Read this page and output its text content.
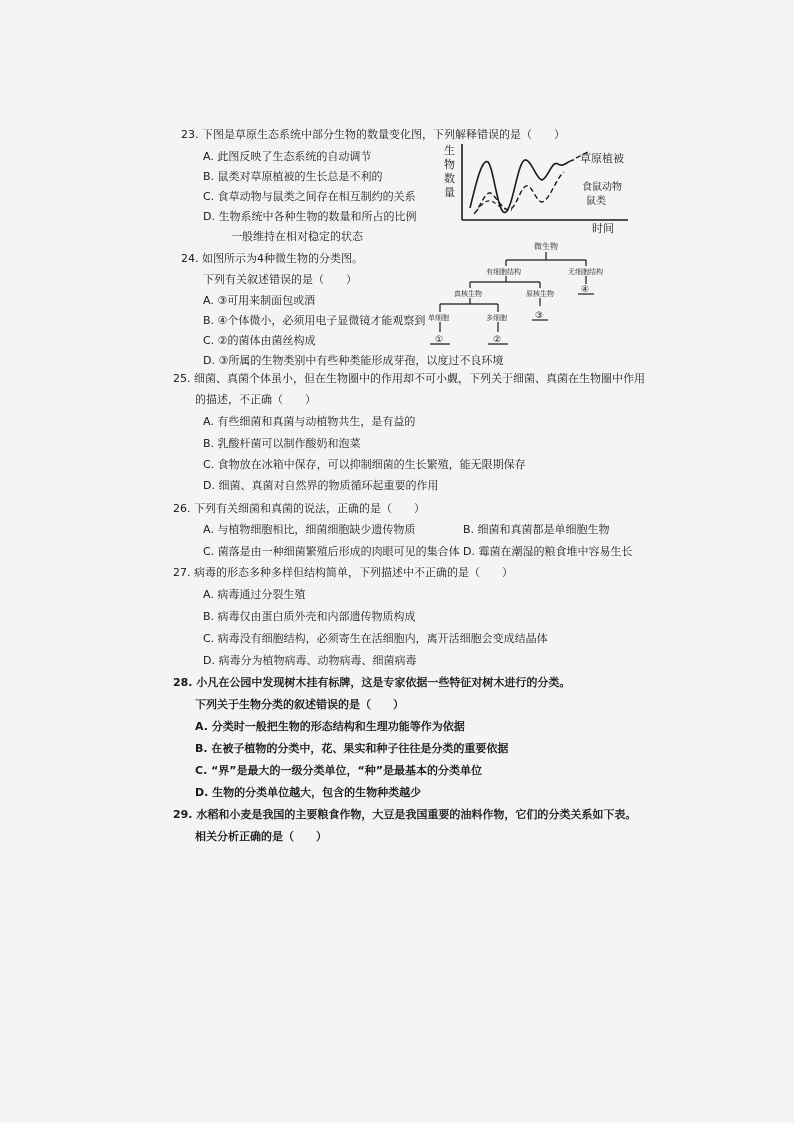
23. 下图是草原生态系统中部分生物的数量变化图，下列解释错误的是（　　）
A. 此图反映了生态系统的自动调节
B. 鼠类对草原植被的生长总是不利的
C. 食草动物与鼠类之间存在相互制约的关系
D. 生物系统中各种生物的数量和所占的比例
　一般维持在相对稳定的状态
生
物
数
量
时间
草原植被
食鼠动物
鼠类
24. 如图所示为4种微生物的分类图。
下列有关叙述错误的是（　　）
A. ③可用来制面包或酒
B. ④个体微小，必须用电子显微镜才能观察到
C. ②的菌体由菌丝构成
D. ③所属的生物类别中有些种类能形成芽孢，以度过不良环境
微生物
有细胞结构	无细胞结构
真核生物	原核生物
单细胞	多细胞
①	②
③
④
25. 细菌、真菌个体虽小，但在生物圈中的作用却不可小觑，下列关于细菌、真菌在生物圈中作用
的描述，不正确（　　）
A. 有些细菌和真菌与动植物共生，是有益的
B. 乳酸杆菌可以制作酸奶和泡菜
C. 食物放在冰箱中保存，可以抑制细菌的生长繁殖，能无限期保存
D. 细菌、真菌对自然界的物质循环起重要的作用
26. 下列有关细菌和真菌的说法，正确的是（　　）
A. 与植物细胞相比，细菌细胞缺少遗传物质	B. 细菌和真菌都是单细胞生物
C. 菌落是由一种细菌繁殖后形成的肉眼可见的集合体 D. 霉菌在潮湿的粮食堆中容易生长
27. 病毒的形态多种多样但结构简单，下列描述中不正确的是（　　）
A. 病毒通过分裂生殖
B. 病毒仅由蛋白质外壳和内部遗传物质构成
C. 病毒没有细胞结构，必须寄生在活细胞内，离开活细胞会变成结晶体
D. 病毒分为植物病毒、动物病毒、细菌病毒
28. 小凡在公园中发现树木挂有标牌，这是专家依据一些特征对树木进行的分类。
下列关于生物分类的叙述错误的是（　　）
A. 分类时一般把生物的形态结构和生理功能等作为依据
B. 在被子植物的分类中，花、果实和种子往往是分类的重要依据
C. “界”是最大的一级分类单位，“种”是最基本的分类单位
D. 生物的分类单位越大，包含的生物种类越少
29. 水稻和小麦是我国的主要粮食作物，大豆是我国重要的油料作物，它们的分类关系如下表。
相关分析正确的是（　　）
